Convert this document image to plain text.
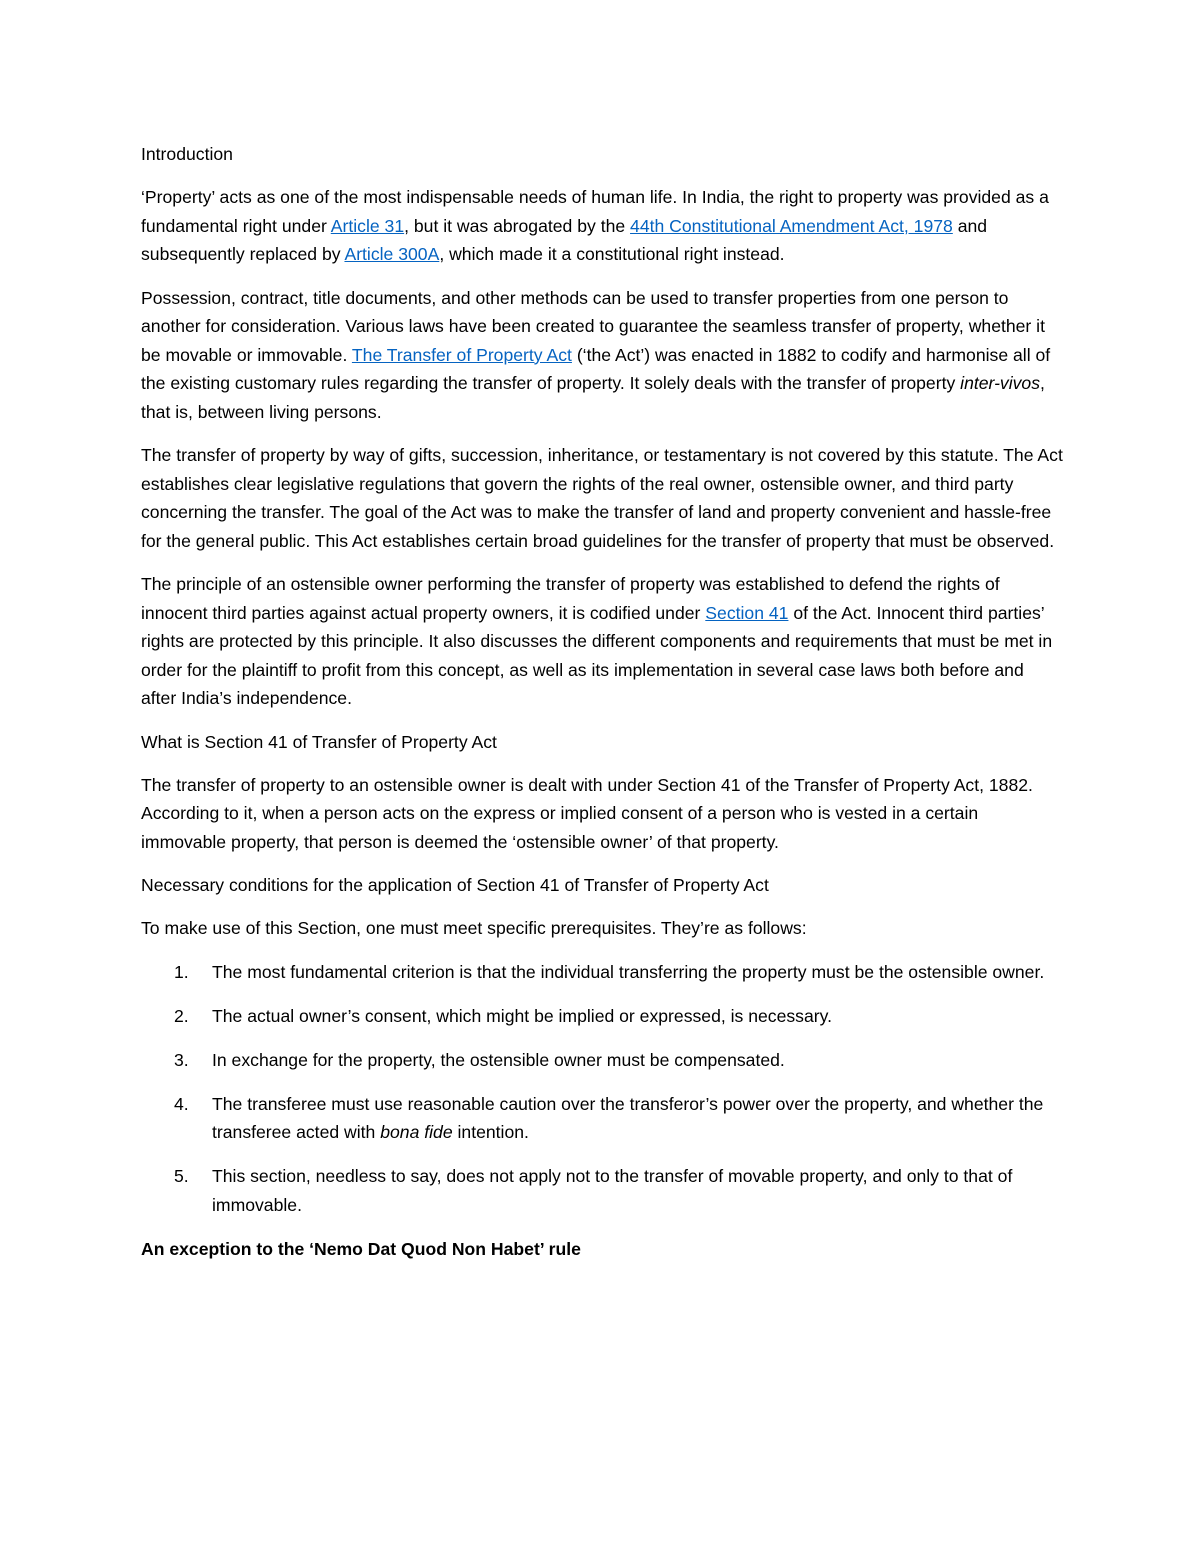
Introduction

‘Property’ acts as one of the most indispensable needs of human life. In India, the right to property was provided as a fundamental right under Article 31, but it was abrogated by the 44th Constitutional Amendment Act, 1978 and subsequently replaced by Article 300A, which made it a constitutional right instead.

Possession, contract, title documents, and other methods can be used to transfer properties from one person to another for consideration. Various laws have been created to guarantee the seamless transfer of property, whether it be movable or immovable. The Transfer of Property Act (‘the Act’) was enacted in 1882 to codify and harmonise all of the existing customary rules regarding the transfer of property. It solely deals with the transfer of property inter-vivos, that is, between living persons.

The transfer of property by way of gifts, succession, inheritance, or testamentary is not covered by this statute. The Act establishes clear legislative regulations that govern the rights of the real owner, ostensible owner, and third party concerning the transfer. The goal of the Act was to make the transfer of land and property convenient and hassle-free for the general public. This Act establishes certain broad guidelines for the transfer of property that must be observed.

The principle of an ostensible owner performing the transfer of property was established to defend the rights of innocent third parties against actual property owners, it is codified under Section 41 of the Act. Innocent third parties’ rights are protected by this principle. It also discusses the different components and requirements that must be met in order for the plaintiff to profit from this concept, as well as its implementation in several case laws both before and after India’s independence.

What is Section 41 of Transfer of Property Act

The transfer of property to an ostensible owner is dealt with under Section 41 of the Transfer of Property Act, 1882. According to it, when a person acts on the express or implied consent of a person who is vested in a certain immovable property, that person is deemed the ‘ostensible owner’ of that property.

Necessary conditions for the application of Section 41 of Transfer of Property Act

To make use of this Section, one must meet specific prerequisites. They’re as follows:

1. The most fundamental criterion is that the individual transferring the property must be the ostensible owner.
2. The actual owner’s consent, which might be implied or expressed, is necessary.
3. In exchange for the property, the ostensible owner must be compensated.
4. The transferee must use reasonable caution over the transferor’s power over the property, and whether the transferee acted with bona fide intention.
5. This section, needless to say, does not apply not to the transfer of movable property, and only to that of immovable.
An exception to the ‘Nemo Dat Quod Non Habet’ rule
